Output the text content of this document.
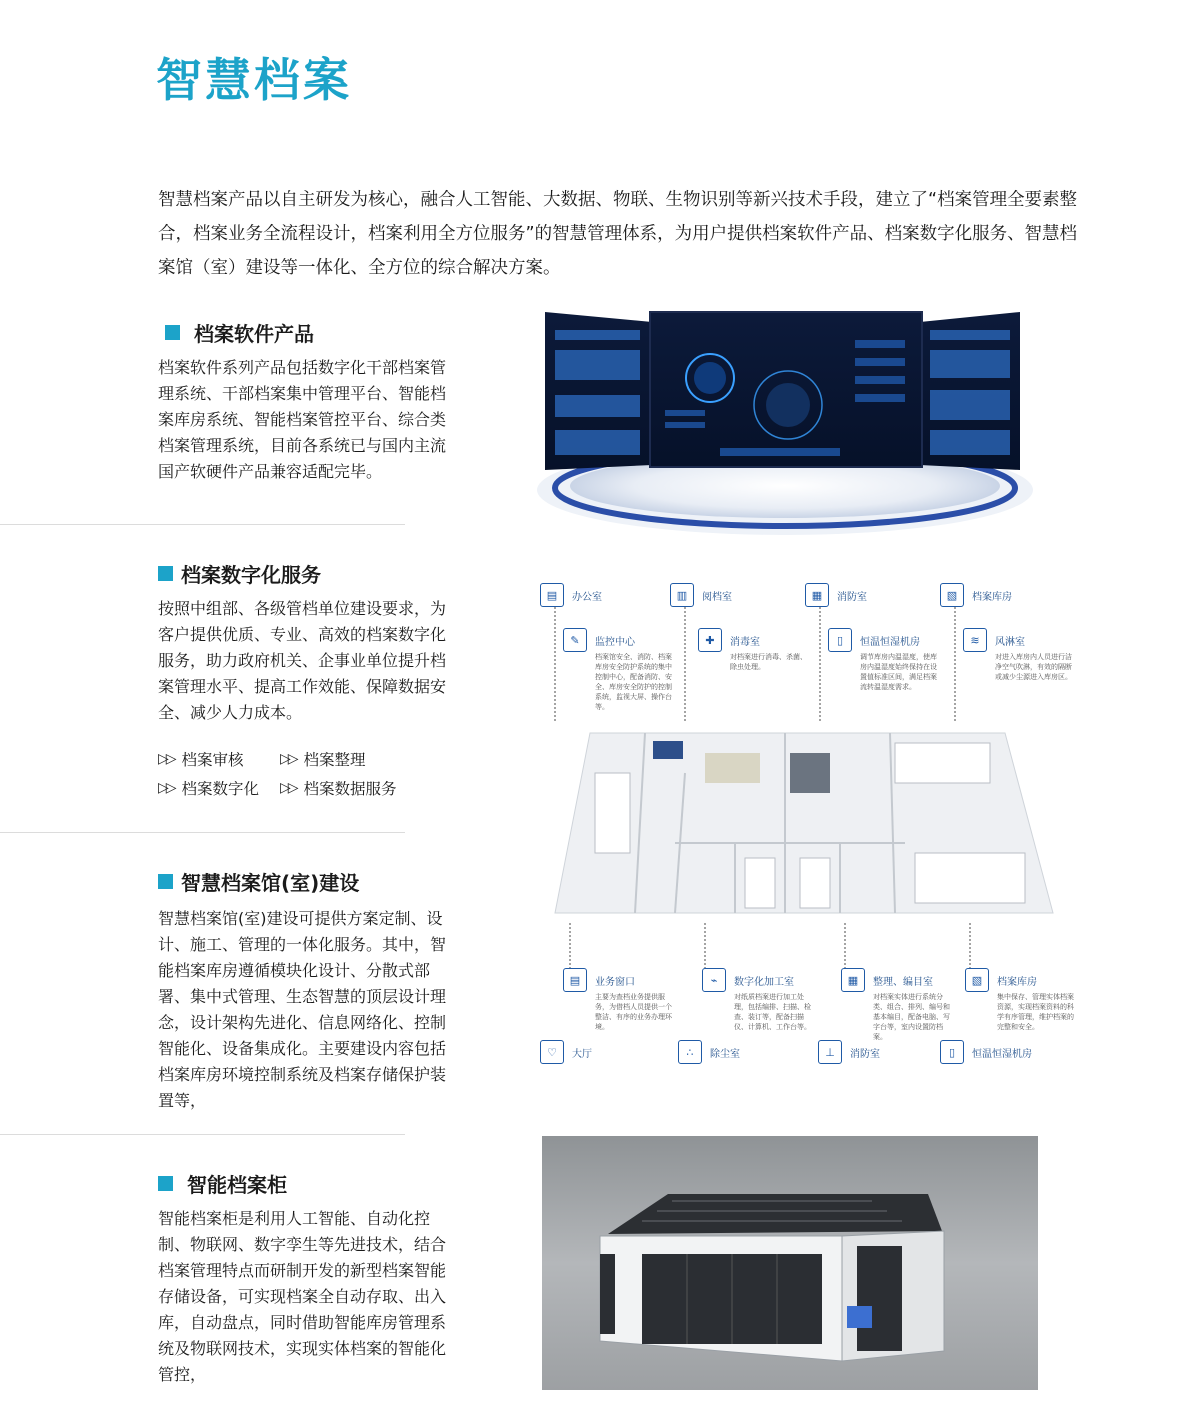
智慧档案
智慧档案产品以自主研发为核心，融合人工智能、大数据、物联、生物识别等新兴技术手段，建立了“档案管理全要素整合，档案业务全流程设计，档案利用全方位服务”的智慧管理体系，为用户提供档案软件产品、档案数字化服务、智慧档案馆（室）建设等一体化、全方位的综合解决方案。
档案软件产品
档案软件系列产品包括数字化干部档案管理系统、干部档案集中管理平台、智能档案库房系统、智能档案管控平台、综合类档案管理系统，目前各系统已与国内主流国产软硬件产品兼容适配完毕。
档案数字化服务
按照中组部、各级管档单位建设要求，为客户提供优质、专业、高效的档案数字化服务，助力政府机关、企事业单位提升档案管理水平、提高工作效能、保障数据安全、减少人力成本。
▷▷ 档案审核	▷▷ 档案整理
▷▷ 档案数字化 ▷▷ 档案数据服务
智慧档案馆(室)建设
智慧档案馆(室)建设可提供方案定制、设计、施工、管理的一体化服务。其中，智能档案库房遵循模块化设计、分散式部署、集中式管理、生态智慧的顶层设计理念，设计架构先进化、信息网络化、控制智能化、设备集成化。主要建设内容包括档案库房环境控制系统及档案存储保护装置等，
智能档案柜
智能档案柜是利用人工智能、自动化控制、物联网、数字孪生等先进技术，结合档案管理特点而研制开发的新型档案智能存储设备，可实现档案全自动存取、出入库，自动盘点，同时借助智能库房管理系统及物联网技术，实现实体档案的智能化管控，
▤	办公室	▥	阅档室	▦	消防室	▧	档案库房
✎	监控中心
档案馆安全、消防、档案库房安全防护系统的集中控制中心，配备消防、安全、库房安全防护的控制系统，监视大屏、操作台等。
✚	消毒室
对档案进行消毒、杀菌、除虫处理。
▯	恒温恒湿机房
调节库房内温湿度，使库房内温湿度始终保持在设置值标准区间，满足档案流转温湿度需求。
≋	风淋室
对进入库房内人员进行洁净空气吹淋，有效的隔断或减少尘源进入库房区。
▤	业务窗口
主要为查档业务提供服务，为借档人员提供一个整洁、有序的业务办理环境。
⌁	数字化加工室
对纸质档案进行加工处理，包括编排、扫描、检查、装订等，配备扫描仪、计算机、工作台等。
▦	整理、编目室
对档案实体进行系统分类、组合、排列、编号和基本编目，配备电脑、写字台等，室内设置防档案。
▧	档案库房
集中保存、管理实体档案资源，实现档案资料的科学有序管理，维护档案的完整和安全。
♡	大厅	∴	除尘室	⊥	消防室	▯	恒温恒湿机房
